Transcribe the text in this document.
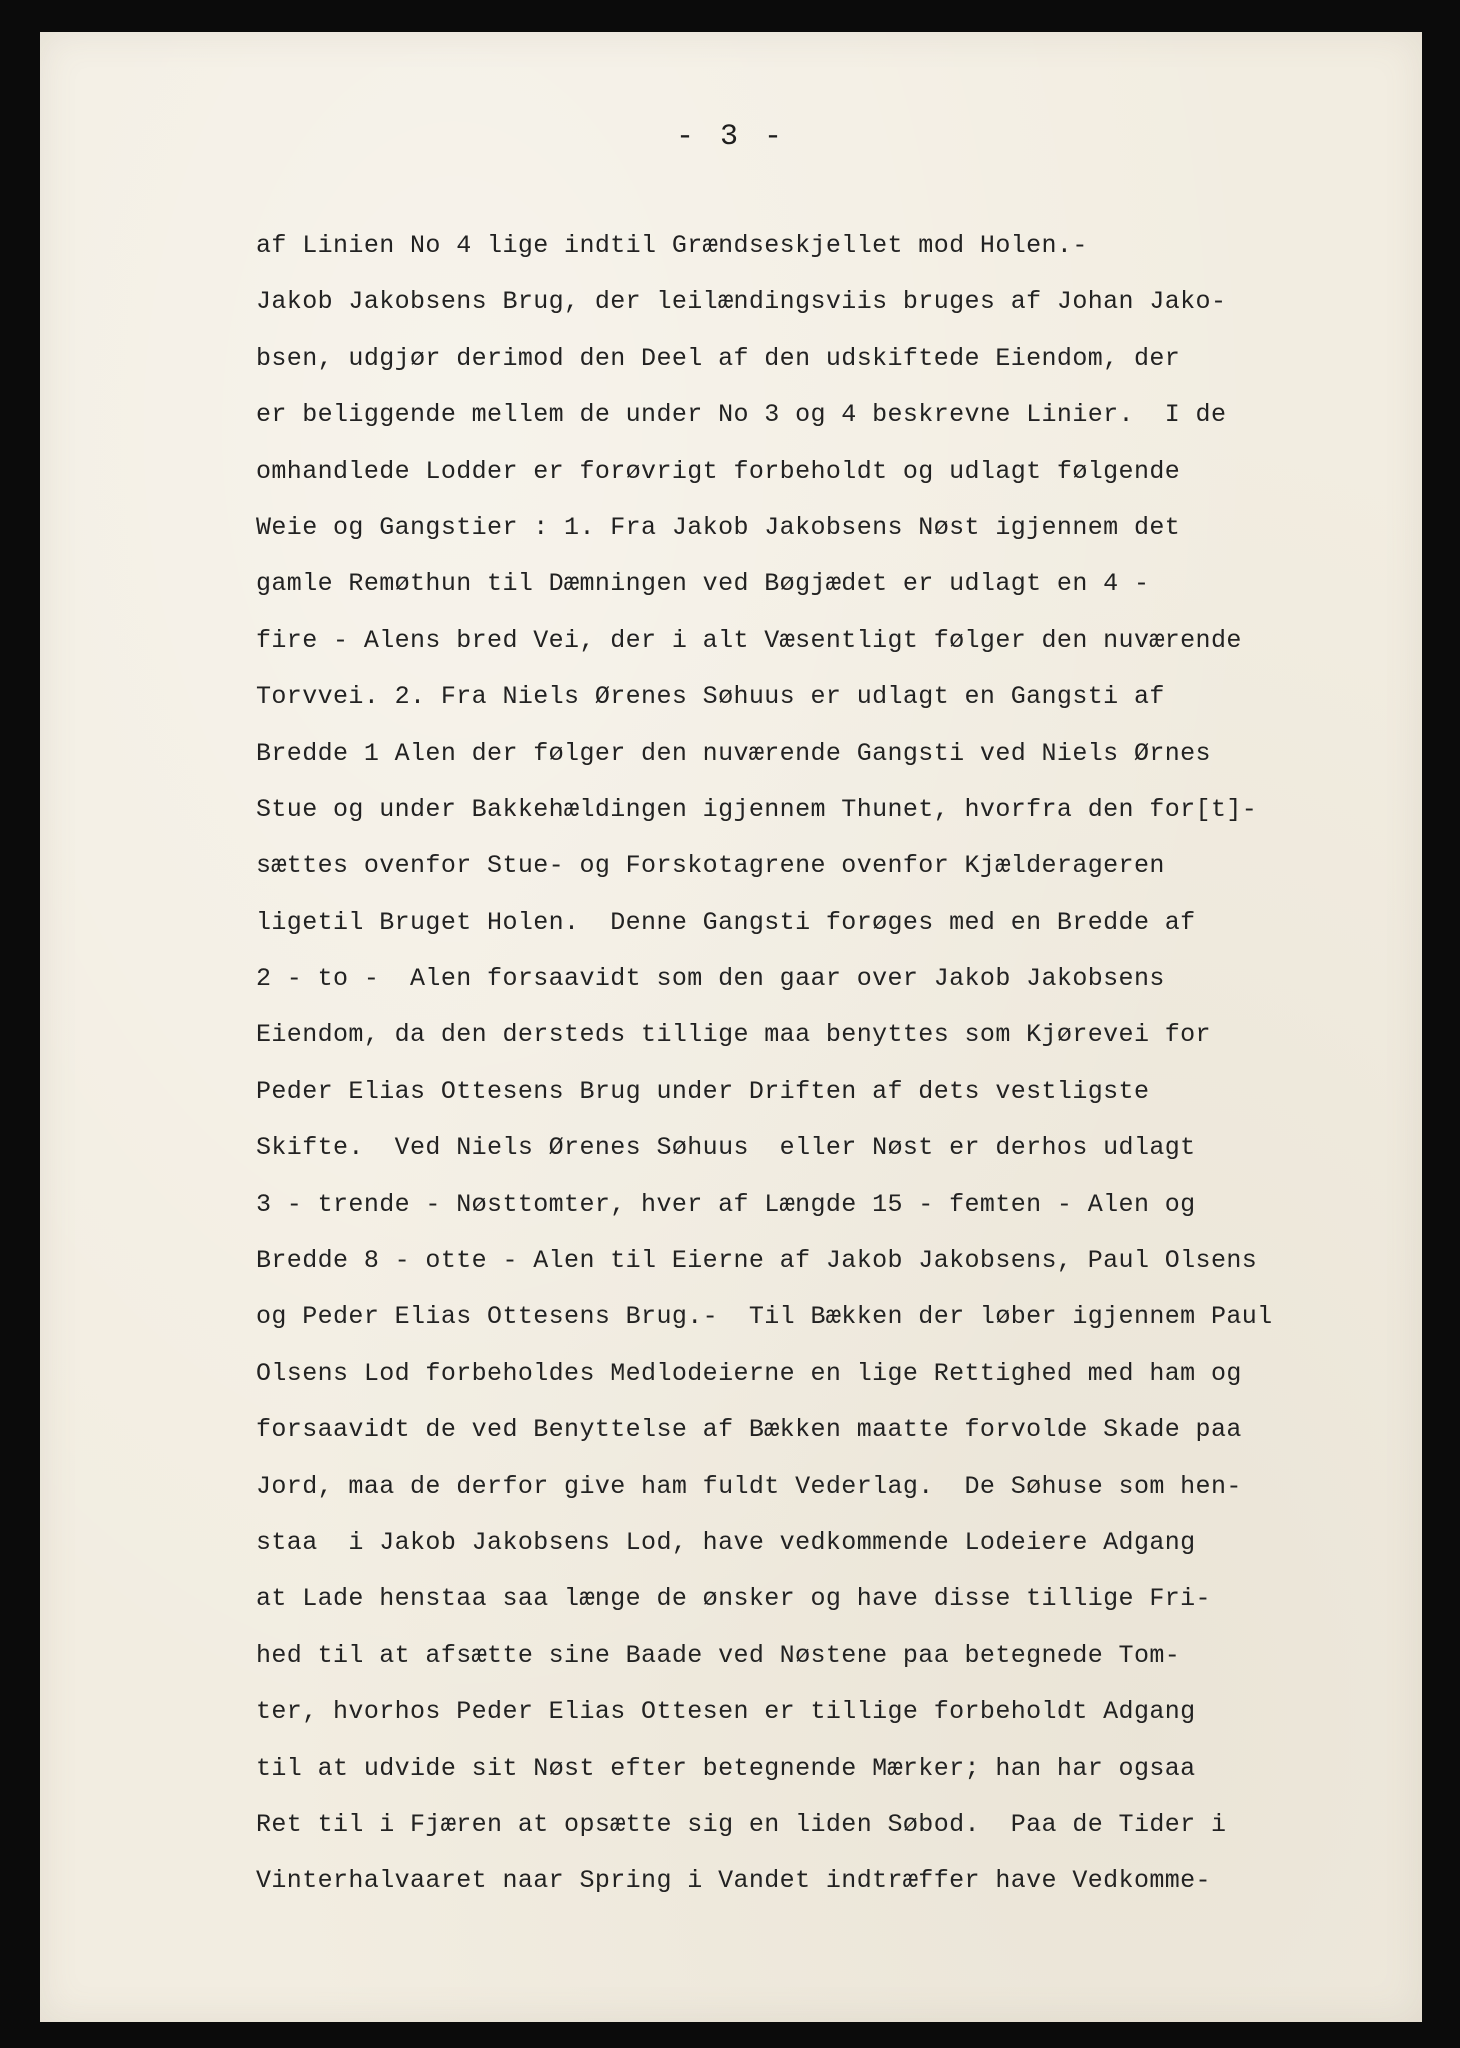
- 3 -
af Linien No 4 lige indtil Grændseskjellet mod Holen.-
Jakob Jakobsens Brug, der leilændingsviis bruges af Johan Jako-
bsen, udgjør derimod den Deel af den udskiftede Eiendom, der
er beliggende mellem de under No 3 og 4 beskrevne Linier.  I de
omhandlede Lodder er forøvrigt forbeholdt og udlagt følgende
Weie og Gangstier : 1. Fra Jakob Jakobsens Nøst igjennem det
gamle Remøthun til Dæmningen ved Bøgjædet er udlagt en 4 -
fire - Alens bred Vei, der i alt Væsentligt følger den nuværende
Torvvei. 2. Fra Niels Ørenes Søhuus er udlagt en Gangsti af
Bredde 1 Alen der følger den nuværende Gangsti ved Niels Ørnes
Stue og under Bakkehældingen igjennem Thunet, hvorfra den for[t]-
sættes ovenfor Stue- og Forskotagrene ovenfor Kjælderageren
ligetil Bruget Holen.  Denne Gangsti forøges med en Bredde af
2 - to -  Alen forsaavidt som den gaar over Jakob Jakobsens
Eiendom, da den dersteds tillige maa benyttes som Kjørevei for
Peder Elias Ottesens Brug under Driften af dets vestligste
Skifte.  Ved Niels Ørenes Søhuus  eller Nøst er derhos udlagt
3 - trende - Nøsttomter, hver af Længde 15 - femten - Alen og
Bredde 8 - otte - Alen til Eierne af Jakob Jakobsens, Paul Olsens
og Peder Elias Ottesens Brug.-  Til Bækken der løber igjennem Paul
Olsens Lod forbeholdes Medlodeierne en lige Rettighed med ham og
forsaavidt de ved Benyttelse af Bækken maatte forvolde Skade paa
Jord, maa de derfor give ham fuldt Vederlag.  De Søhuse som hen-
staa  i Jakob Jakobsens Lod, have vedkommende Lodeiere Adgang
at Lade henstaa saa længe de ønsker og have disse tillige Fri-
hed til at afsætte sine Baade ved Nøstene paa betegnede Tom-
ter, hvorhos Peder Elias Ottesen er tillige forbeholdt Adgang
til at udvide sit Nøst efter betegnende Mærker; han har ogsaa
Ret til i Fjæren at opsætte sig en liden Søbod.  Paa de Tider i
Vinterhalvaaret naar Spring i Vandet indtræffer have Vedkomme-
